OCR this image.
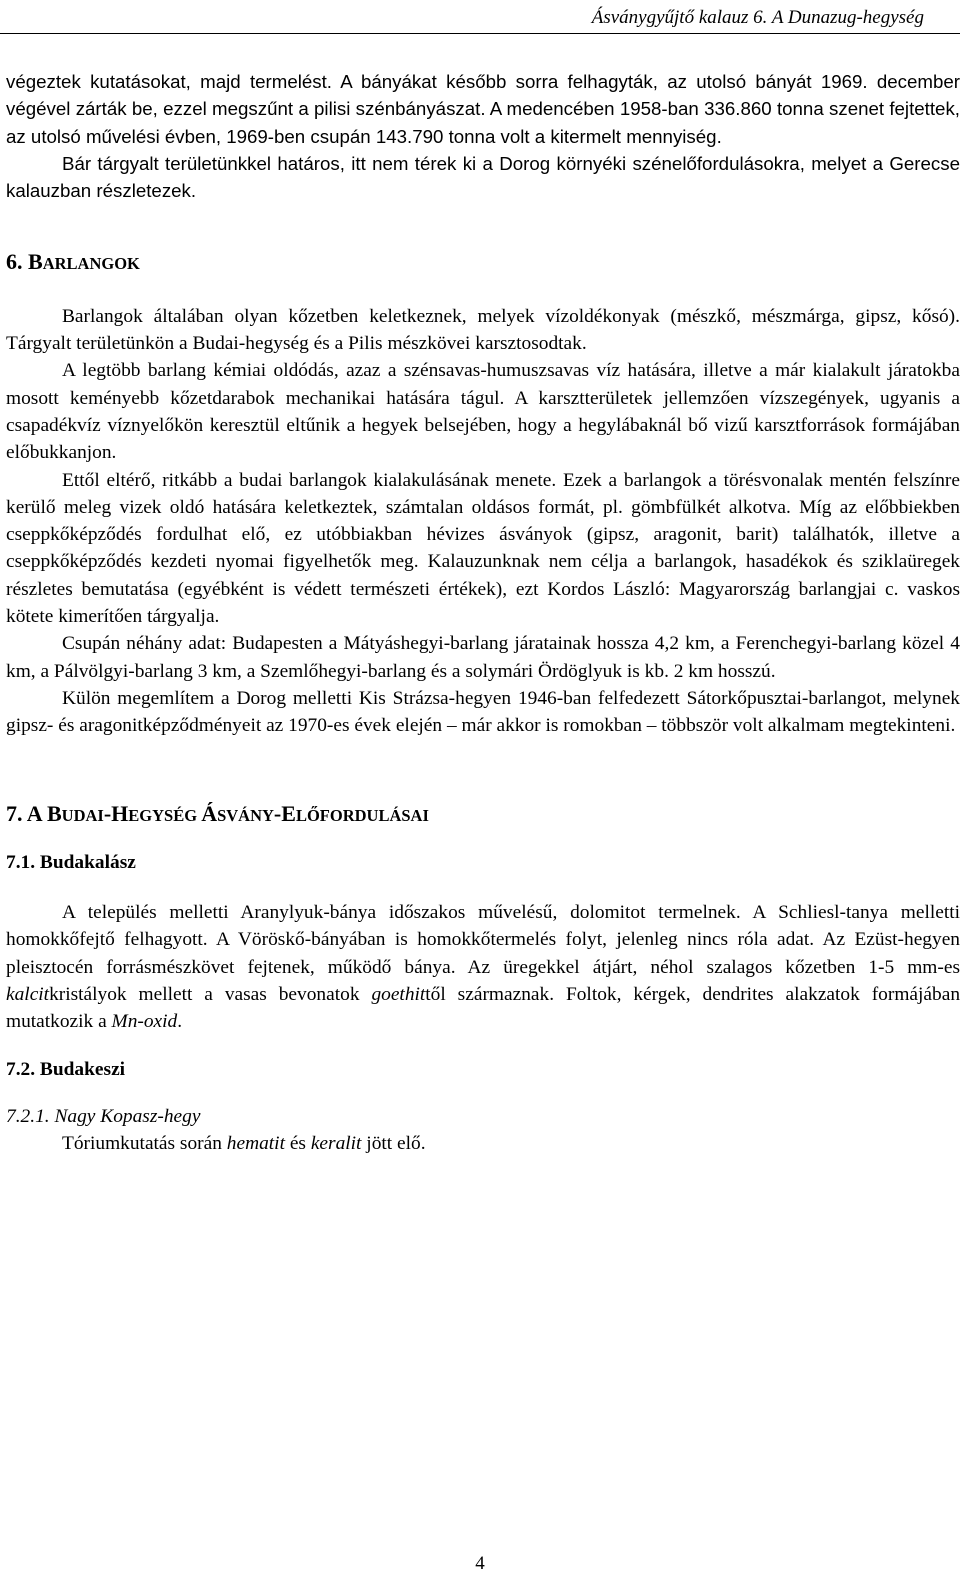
Ásványgyűjtő kalauz 6. A Dunazug-hegység

végeztek kutatásokat, majd termelést. A bányákat később sorra felhagyták, az utolsó bányát 1969. december végével zárták be, ezzel megszűnt a pilisi szénbányászat. A medencében 1958-ban 336.860 tonna szenet fejtettek, az utolsó művelési évben, 1969-ben csupán 143.790 tonna volt a kitermelt mennyiség.

Bár tárgyalt területünkkel határos, itt nem térek ki a Dorog környéki szénelőfordulásokra, melyet a Gerecse kalauzban részletezek.

6. BARLANGOK

Barlangok általában olyan kőzetben keletkeznek, melyek vízoldékonyak (mészkő, mészmárga, gipsz, kősó). Tárgyalt területünkön a Budai-hegység és a Pilis mészkövei karsztosodtak.

A legtöbb barlang kémiai oldódás, azaz a szénsavas-humuszsavas víz hatására, illetve a már kialakult járatokba mosott keményebb kőzetdarabok mechanikai hatására tágul. A karsztterületek jellemzően vízszegények, ugyanis a csapadékvíz víznyelőkön keresztül eltűnik a hegyek belsejében, hogy a hegylábaknál bő vizű karsztforrások formájában előbukkanjon.

Ettől eltérő, ritkább a budai barlangok kialakulásának menete. Ezek a barlangok a törésvonalak mentén felszínre kerülő meleg vizek oldó hatására keletkeztek, számtalan oldásos formát, pl. gömbfülkét alkotva. Míg az előbbiekben cseppkőképződés fordulhat elő, ez utóbbiakban hévizes ásványok (gipsz, aragonit, barit) találhatók, illetve a cseppkőképződés kezdeti nyomai figyelhetők meg. Kalauzunknak nem célja a barlangok, hasadékok és sziklaüregek részletes bemutatása (egyébként is védett természeti értékek), ezt Kordos László: Magyarország barlangjai c. vaskos kötete kimerítően tárgyalja.

Csupán néhány adat: Budapesten a Mátyáshegyi-barlang járatainak hossza 4,2 km, a Ferenchegyi-barlang közel 4 km, a Pálvölgyi-barlang 3 km, a Szemlőhegyi-barlang és a solymári Ördöglyuk is kb. 2 km hosszú.

Külön megemlítem a Dorog melletti Kis Strázsa-hegyen 1946-ban felfedezett Sátorkőpusztai-barlangot, melynek gipsz- és aragonitképződményeit az 1970-es évek elején – már akkor is romokban – többször volt alkalmam megtekinteni.

7. A BUDAI-HEGYSÉG ÁSVÁNY-ELŐFORDULÁSAI
7.1. Budakalász

A település melletti Aranylyuk-bánya időszakos művelésű, dolomitot termelnek. A Schliesl-tanya melletti homokkőfejtő felhagyott. A Vöröskő-bányában is homokkőtermelés folyt, jelenleg nincs róla adat. Az Ezüst-hegyen pleisztocén forrásmészkövet fejtenek, működő bánya. Az üregekkel átjárt, néhol szalagos kőzetben 1-5 mm-es kalcitkristályok mellett a vasas bevonatok goethittől származnak. Foltok, kérgek, dendrites alakzatok formájában mutatkozik a Mn-oxid.

7.2. Budakeszi

7.2.1. Nagy Kopasz-hegy

Tóriumkutatás során hematit és keralit jött elő.

4
